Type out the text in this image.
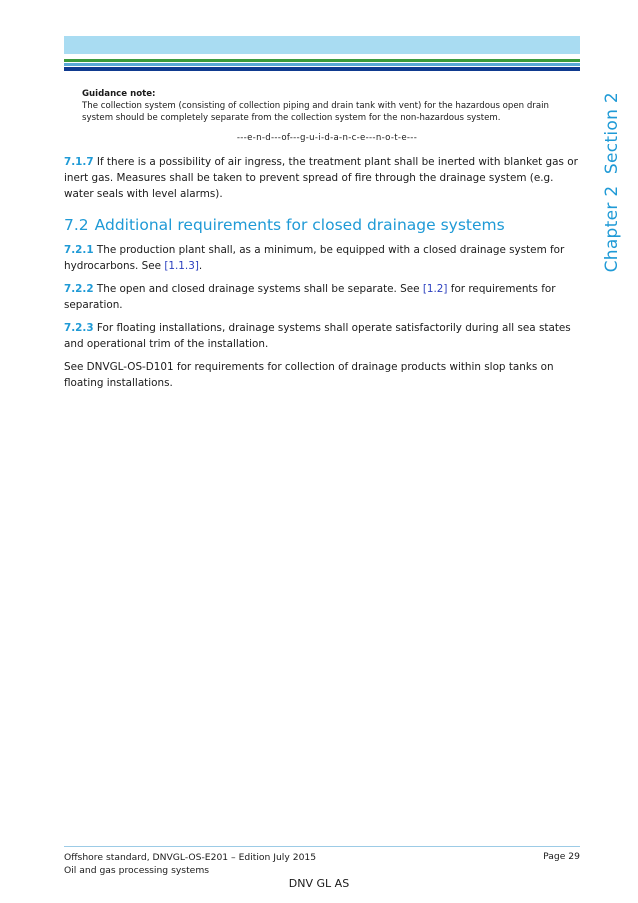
Chapter 2  Section 2
Guidance note:
The collection system (consisting of collection piping and drain tank with vent) for the hazardous open drain system should be completely separate from the collection system for the non-hazardous system.
---e-n-d---of---g-u-i-d-a-n-c-e---n-o-t-e---

7.1.7 If there is a possibility of air ingress, the treatment plant shall be inerted with blanket gas or inert gas. Measures shall be taken to prevent spread of fire through the drainage system (e.g. water seals with level alarms).

7.2 Additional requirements for closed drainage systems

7.2.1 The production plant shall, as a minimum, be equipped with a closed drainage system for hydrocarbons. See [1.1.3].

7.2.2 The open and closed drainage systems shall be separate. See [1.2] for requirements for separation.

7.2.3 For floating installations, drainage systems shall operate satisfactorily during all sea states and operational trim of the installation.

See DNVGL-OS-D101 for requirements for collection of drainage products within slop tanks on floating installations.

Offshore standard, DNVGL-OS-E201 – Edition July 2015
Oil and gas processing systems
Page 29
DNV GL AS
